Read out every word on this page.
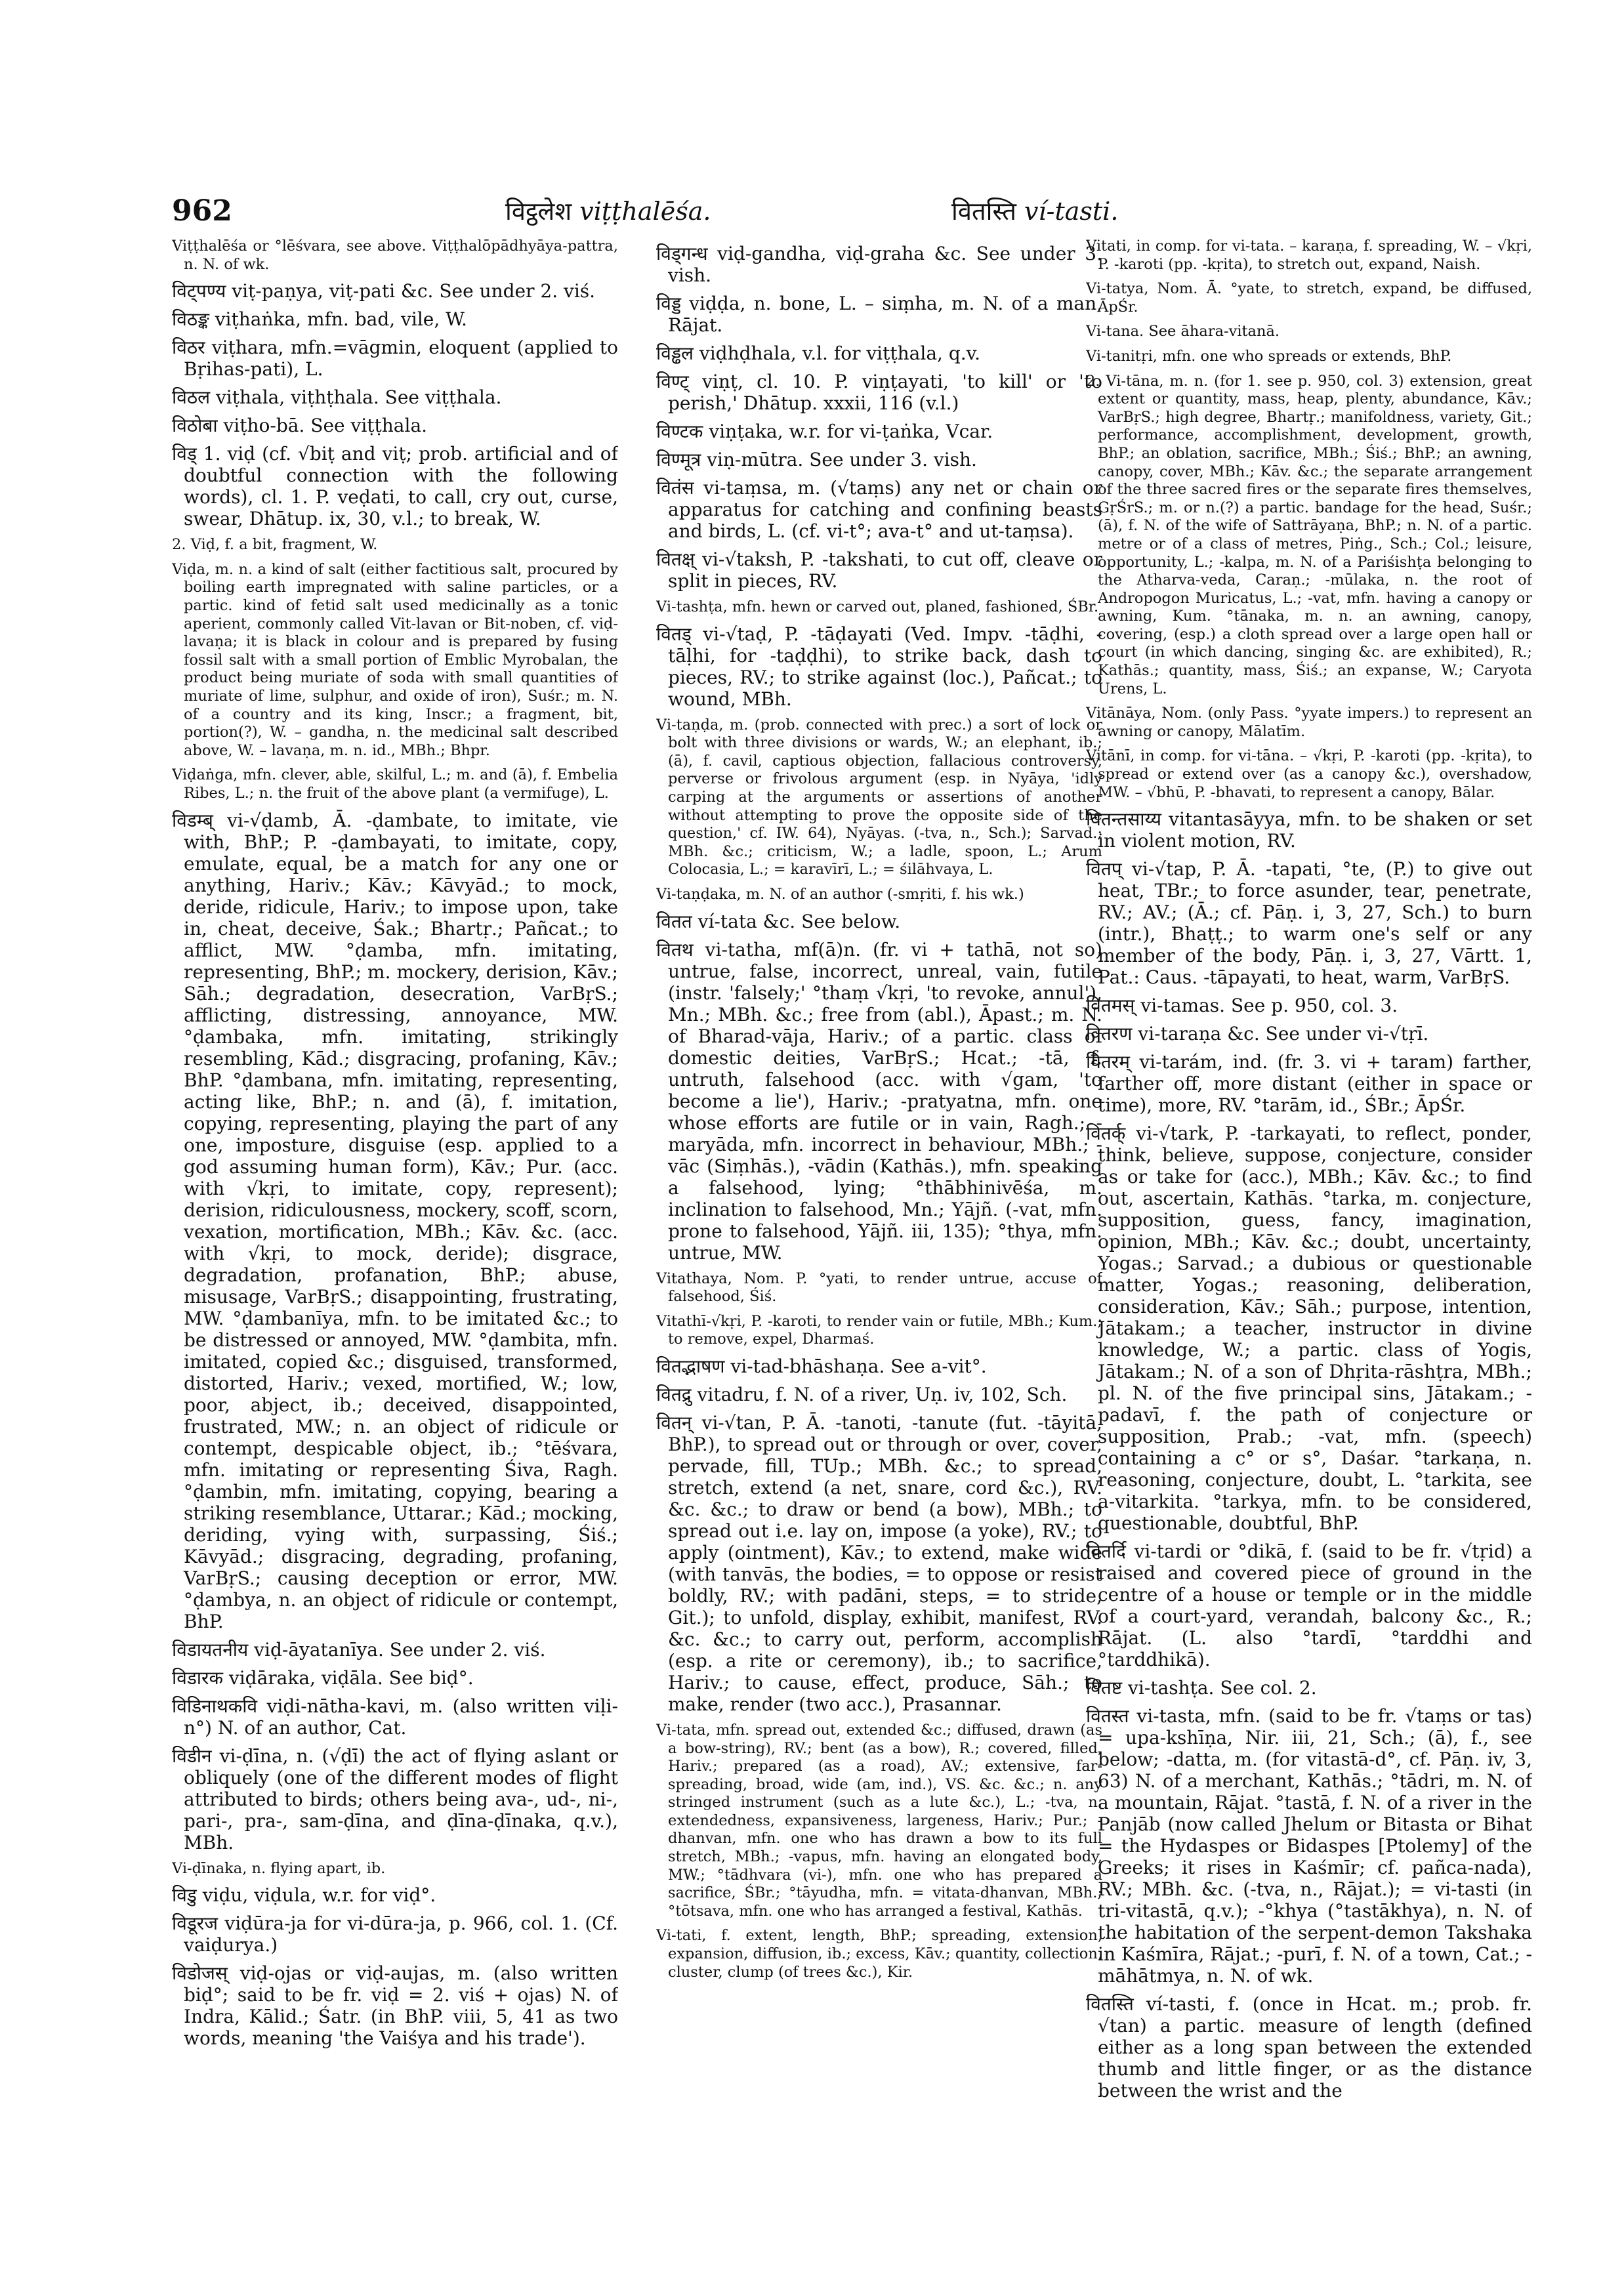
962	विट्ठलेश viṭṭhalēśa.	वितस्ति ví-tasti.

Viṭṭhalēśa or °lēśvara, see above. Viṭṭhalōpādhyāya-pattra, n. N. of wk.

विट्पण्य viṭ-paṇya, viṭ-pati &c. See under 2. viś.

विठङ्क viṭhaṅka, mfn. bad, vile, W.

विठर viṭhara, mfn.=vāgmin, eloquent (applied to Bṛihas-pati), L.

विठल viṭhala, viṭhṭhala. See viṭṭhala.

विठोबा viṭho-bā. See viṭṭhala.

विड् 1. viḍ (cf. √biṭ and viṭ; prob. artificial and of doubtful connection with the following words), cl. 1. P. veḍati, to call, cry out, curse, swear, Dhātup. ix, 30, v.l.; to break, W.

2. Viḍ, f. a bit, fragment, W.

Viḍa, m. n. a kind of salt (either factitious salt, procured by boiling earth impregnated with saline particles, or a partic. kind of fetid salt used medicinally as a tonic aperient, commonly called Vit-lavan or Bit-noben, cf. viḍ-lavaṇa; it is black in colour and is prepared by fusing fossil salt with a small portion of Emblic Myrobalan, the product being muriate of soda with small quantities of muriate of lime, sulphur, and oxide of iron), Suśr.; m. N. of a country and its king, Inscr.; a fragment, bit, portion(?), W. – gandha, n. the medicinal salt described above, W. – lavaṇa, m. n. id., MBh.; Bhpr.

Viḍaṅga, mfn. clever, able, skilful, L.; m. and (ā), f. Embelia Ribes, L.; n. the fruit of the above plant (a vermifuge), L.

विडम्ब् vi-√ḍamb, Ā. -ḍambate, to imitate, vie with, BhP.; P. -ḍambayati, to imitate, copy, emulate, equal, be a match for any one or anything, Hariv.; Kāv.; Kāvyād.; to mock, deride, ridicule, Hariv.; to impose upon, take in, cheat, deceive, Śak.; Bhartṛ.; Pañcat.; to afflict, MW. °ḍamba, mfn. imitating, representing, BhP.; m. mockery, derision, Kāv.; Sāh.; degradation, desecration, VarBṛS.; afflicting, distressing, annoyance, MW. °ḍambaka, mfn. imitating, strikingly resembling, Kād.; disgracing, profaning, Kāv.; BhP. °ḍambana, mfn. imitating, representing, acting like, BhP.; n. and (ā), f. imitation, copying, representing, playing the part of any one, imposture, disguise (esp. applied to a god assuming human form), Kāv.; Pur. (acc. with √kṛi, to imitate, copy, represent); derision, ridiculousness, mockery, scoff, scorn, vexation, mortification, MBh.; Kāv. &c. (acc. with √kṛi, to mock, deride); disgrace, degradation, profanation, BhP.; abuse, misusage, VarBṛS.; disappointing, frustrating, MW. °ḍambanīya, mfn. to be imitated &c.; to be distressed or annoyed, MW. °ḍambita, mfn. imitated, copied &c.; disguised, transformed, distorted, Hariv.; vexed, mortified, W.; low, poor, abject, ib.; deceived, disappointed, frustrated, MW.; n. an object of ridicule or contempt, despicable object, ib.; °tēśvara, mfn. imitating or representing Śiva, Ragh. °ḍambin, mfn. imitating, copying, bearing a striking resemblance, Uttarar.; Kād.; mocking, deriding, vying with, surpassing, Śiś.; Kāvyād.; disgracing, degrading, profaning, VarBṛS.; causing deception or error, MW. °ḍambya, n. an object of ridicule or contempt, BhP.

विडायतनीय viḍ-āyatanīya. See under 2. viś.

विडारक viḍāraka, viḍāla. See biḍ°.

विडिनाथकवि viḍi-nātha-kavi, m. (also written viḷi-n°) N. of an author, Cat.

विडीन vi-ḍīna, n. (√ḍī) the act of flying aslant or obliquely (one of the different modes of flight attributed to birds; others being ava-, ud-, ni-, pari-, pra-, sam-ḍīna, and ḍīna-ḍīnaka, q.v.), MBh.

Vi-ḍīnaka, n. flying apart, ib.

विडु viḍu, viḍula, w.r. for viḍ°.

विडूरज viḍūra-ja for vi-dūra-ja, p. 966, col. 1. (Cf. vaiḍurya.)

विडोजस् viḍ-ojas or viḍ-aujas, m. (also written biḍ°; said to be fr. viḍ = 2. viś + ojas) N. of Indra, Kālid.; Śatr. (in BhP. viii, 5, 41 as two words, meaning 'the Vaiśya and his trade').

विड्गन्ध viḍ-gandha, viḍ-graha &c. See under 3. vish.

विड्ड viḍḍa, n. bone, L. – siṃha, m. N. of a man, Rājat.

विड्ढल viḍhḍhala, v.l. for viṭṭhala, q.v.

विण्ट् viṇṭ, cl. 10. P. viṇṭayati, 'to kill' or 'to perish,' Dhātup. xxxii, 116 (v.l.)

विण्टक viṇṭaka, w.r. for vi-ṭaṅka, Vcar.

विण्मूत्र viṇ-mūtra. See under 3. vish.

वितंस vi-taṃsa, m. (√taṃs) any net or chain or apparatus for catching and confining beasts and birds, L. (cf. vi-t°; ava-t° and ut-taṃsa).

वितक्ष् vi-√taksh, P. -takshati, to cut off, cleave or split in pieces, RV.

Vi-tashṭa, mfn. hewn or carved out, planed, fashioned, ŚBr.

वितड् vi-√taḍ, P. -tāḍayati (Ved. Impv. -tāḍhi, -tāḷhi, for -taḍḍhi), to strike back, dash to pieces, RV.; to strike against (loc.), Pañcat.; to wound, MBh.

Vi-taṇḍa, m. (prob. connected with prec.) a sort of lock or bolt with three divisions or wards, W.; an elephant, ib.; (ā), f. cavil, captious objection, fallacious controversy, perverse or frivolous argument (esp. in Nyāya, 'idly carping at the arguments or assertions of another without attempting to prove the opposite side of the question,' cf. IW. 64), Nyāyas. (-tva, n., Sch.); Sarvad.; MBh. &c.; criticism, W.; a ladle, spoon, L.; Arum Colocasia, L.; = karavīrī, L.; = śilāhvaya, L.

Vi-taṇḍaka, m. N. of an author (-smṛiti, f. his wk.)

वितत ví-tata &c. See below.

वितथ vi-tatha, mf(ā)n. (fr. vi + tathā, not so) untrue, false, incorrect, unreal, vain, futile (instr. 'falsely;' °thaṃ √kṛi, 'to revoke, annul'), Mn.; MBh. &c.; free from (abl.), Āpast.; m. N. of Bharad-vāja, Hariv.; of a partic. class of domestic deities, VarBṛS.; Hcat.; -tā, f. untruth, falsehood (acc. with √gam, 'to become a lie'), Hariv.; -pratyatna, mfn. one whose efforts are futile or in vain, Ragh.; -maryāda, mfn. incorrect in behaviour, MBh.; -vāc (Siṃhās.), -vādin (Kathās.), mfn. speaking a falsehood, lying; °thābhinivēśa, m. inclination to falsehood, Mn.; Yājñ. (-vat, mfn. prone to falsehood, Yājñ. iii, 135); °thya, mfn. untrue, MW.

Vitathaya, Nom. P. °yati, to render untrue, accuse of falsehood, Śiś.

Vitathī-√kṛi, P. -karoti, to render vain or futile, MBh.; Kum.; to remove, expel, Dharmaś.

वितद्भाषण vi-tad-bhāshaṇa. See a-vit°.

वितद्रु vitadru, f. N. of a river, Uṇ. iv, 102, Sch.

वितन् vi-√tan, P. Ā. -tanoti, -tanute (fut. -tāyitā, BhP.), to spread out or through or over, cover, pervade, fill, TUp.; MBh. &c.; to spread, stretch, extend (a net, snare, cord &c.), RV. &c. &c.; to draw or bend (a bow), MBh.; to spread out i.e. lay on, impose (a yoke), RV.; to apply (ointment), Kāv.; to extend, make wide (with tanvās, the bodies, = to oppose or resist boldly, RV.; with padāni, steps, = to stride, Git.); to unfold, display, exhibit, manifest, RV. &c. &c.; to carry out, perform, accomplish (esp. a rite or ceremony), ib.; to sacrifice, Hariv.; to cause, effect, produce, Sāh.; to make, render (two acc.), Prasannar.

Vi-tata, mfn. spread out, extended &c.; diffused, drawn (as a bow-string), RV.; bent (as a bow), R.; covered, filled, Hariv.; prepared (as a road), AV.; extensive, far-spreading, broad, wide (am, ind.), VS. &c. &c.; n. any stringed instrument (such as a lute &c.), L.; -tva, n. extendedness, expansiveness, largeness, Hariv.; Pur.; -dhanvan, mfn. one who has drawn a bow to its full stretch, MBh.; -vapus, mfn. having an elongated body, MW.; °tādhvara (vi-), mfn. one who has prepared a sacrifice, ŚBr.; °tāyudha, mfn. = vitata-dhanvan, MBh.; °tōtsava, mfn. one who has arranged a festival, Kathās.

Vi-tati, f. extent, length, BhP.; spreading, extension, expansion, diffusion, ib.; excess, Kāv.; quantity, collection, cluster, clump (of trees &c.), Kir.

Vitati, in comp. for vi-tata. – karaṇa, f. spreading, W. – √kṛi, P. -karoti (pp. -kṛita), to stretch out, expand, Naish.

Vi-tatya, Nom. Ā. °yate, to stretch, expand, be diffused, ĀpŚr.

Vi-tana. See āhara-vitanā.

Vi-tanitṛi, mfn. one who spreads or extends, BhP.

2. Vi-tāna, m. n. (for 1. see p. 950, col. 3) extension, great extent or quantity, mass, heap, plenty, abundance, Kāv.; VarBṛS.; high degree, Bhartṛ.; manifoldness, variety, Git.; performance, accomplishment, development, growth, BhP.; an oblation, sacrifice, MBh.; Śiś.; BhP.; an awning, canopy, cover, MBh.; Kāv. &c.; the separate arrangement of the three sacred fires or the separate fires themselves, GṛŚrS.; m. or n.(?) a partic. bandage for the head, Suśr.; (ā), f. N. of the wife of Sattrāyaṇa, BhP.; n. N. of a partic. metre or of a class of metres, Piṅg., Sch.; Col.; leisure, opportunity, L.; -kalpa, m. N. of a Pariśishṭa belonging to the Atharva-veda, Caraṇ.; -mūlaka, n. the root of Andropogon Muricatus, L.; -vat, mfn. having a canopy or awning, Kum. °tānaka, m. n. an awning, canopy, covering, (esp.) a cloth spread over a large open hall or court (in which dancing, singing &c. are exhibited), R.; Kathās.; quantity, mass, Śiś.; an expanse, W.; Caryota Urens, L.

Vitānāya, Nom. (only Pass. °yyate impers.) to represent an awning or canopy, Mālatīm.

Vitānī, in comp. for vi-tāna. – √kṛi, P. -karoti (pp. -kṛita), to spread or extend over (as a canopy &c.), overshadow, MW. – √bhū, P. -bhavati, to represent a canopy, Bālar.

वितन्तसाय्य vitantasāyya, mfn. to be shaken or set in violent motion, RV.

वितप् vi-√tap, P. Ā. -tapati, °te, (P.) to give out heat, TBr.; to force asunder, tear, penetrate, RV.; AV.; (Ā.; cf. Pāṇ. i, 3, 27, Sch.) to burn (intr.), Bhaṭṭ.; to warm one's self or any member of the body, Pāṇ. i, 3, 27, Vārtt. 1, Pat.: Caus. -tāpayati, to heat, warm, VarBṛS.

वितमस् vi-tamas. See p. 950, col. 3.

वितरण vi-taraṇa &c. See under vi-√tṛī.

वितरम् vi-tarám, ind. (fr. 3. vi + taram) farther, farther off, more distant (either in space or time), more, RV. °tarām, id., ŚBr.; ĀpŚr.

वितर्क् vi-√tark, P. -tarkayati, to reflect, ponder, think, believe, suppose, conjecture, consider as or take for (acc.), MBh.; Kāv. &c.; to find out, ascertain, Kathās. °tarka, m. conjecture, supposition, guess, fancy, imagination, opinion, MBh.; Kāv. &c.; doubt, uncertainty, Yogas.; Sarvad.; a dubious or questionable matter, Yogas.; reasoning, deliberation, consideration, Kāv.; Sāh.; purpose, intention, Jātakam.; a teacher, instructor in divine knowledge, W.; a partic. class of Yogis, Jātakam.; N. of a son of Dhṛita-rāshṭra, MBh.; pl. N. of the five principal sins, Jātakam.; -padavī, f. the path of conjecture or supposition, Prab.; -vat, mfn. (speech) containing a c° or s°, Daśar. °tarkaṇa, n. reasoning, conjecture, doubt, L. °tarkita, see a-vitarkita. °tarkya, mfn. to be considered, questionable, doubtful, BhP.

वितर्दि vi-tardi or °dikā, f. (said to be fr. √tṛid) a raised and covered piece of ground in the centre of a house or temple or in the middle of a court-yard, verandah, balcony &c., R.; Rājat. (L. also °tardī, °tarddhi and °tarddhikā).

वितष्ट vi-tashṭa. See col. 2.

वितस्त vi-tasta, mfn. (said to be fr. √taṃs or tas) = upa-kshīṇa, Nir. iii, 21, Sch.; (ā), f., see below; -datta, m. (for vitastā-d°, cf. Pāṇ. iv, 3, 63) N. of a merchant, Kathās.; °tādri, m. N. of a mountain, Rājat. °tastā, f. N. of a river in the Panjāb (now called Jhelum or Bitasta or Bihat = the Hydaspes or Bidaspes [Ptolemy] of the Greeks; it rises in Kaśmīr; cf. pañca-nada), RV.; MBh. &c. (-tva, n., Rājat.); = vi-tasti (in tri-vitastā, q.v.); -°khya (°tastākhya), n. N. of the habitation of the serpent-demon Takshaka in Kaśmīra, Rājat.; -purī, f. N. of a town, Cat.; -māhātmya, n. N. of wk.

वितस्ति ví-tasti, f. (once in Hcat. m.; prob. fr. √tan) a partic. measure of length (defined either as a long span between the extended thumb and little finger, or as the distance between the wrist and the
